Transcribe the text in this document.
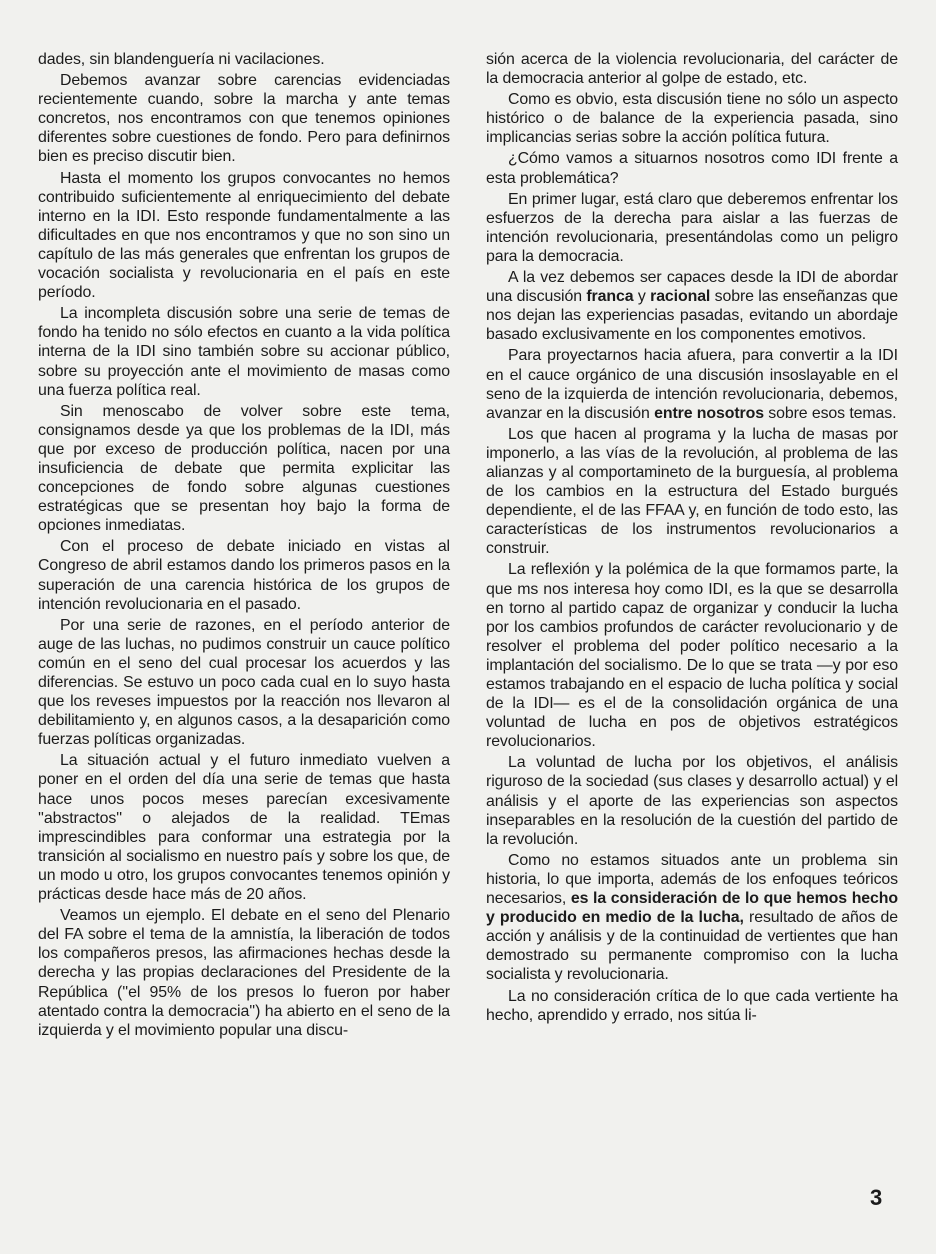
dades, sin blandenguería ni vacilaciones.

Debemos avanzar sobre carencias evidenciadas recientemente cuando, sobre la marcha y ante temas concretos, nos encontramos con que tenemos opiniones diferentes sobre cuestiones de fondo. Pero para definirnos bien es preciso discutir bien.

Hasta el momento los grupos convocantes no hemos contribuido suficientemente al enriquecimiento del debate interno en la IDI. Esto responde fundamentalmente a las dificultades en que nos encontramos y que no son sino un capítulo de las más generales que enfrentan los grupos de vocación socialista y revolucionaria en el país en este período.

La incompleta discusión sobre una serie de temas de fondo ha tenido no sólo efectos en cuanto a la vida política interna de la IDI sino también sobre su accionar público, sobre su proyección ante el movimiento de masas como una fuerza política real.

Sin menoscabo de volver sobre este tema, consignamos desde ya que los problemas de la IDI, más que por exceso de producción política, nacen por una insuficiencia de debate que permita explicitar las concepciones de fondo sobre algunas cuestiones estratégicas que se presentan hoy bajo la forma de opciones inmediatas.

Con el proceso de debate iniciado en vistas al Congreso de abril estamos dando los primeros pasos en la superación de una carencia histórica de los grupos de intención revolucionaria en el pasado.

Por una serie de razones, en el período anterior de auge de las luchas, no pudimos construir un cauce político común en el seno del cual procesar los acuerdos y las diferencias. Se estuvo un poco cada cual en lo suyo hasta que los reveses impuestos por la reacción nos llevaron al debilitamiento y, en algunos casos, a la desaparición como fuerzas políticas organizadas.

La situación actual y el futuro inmediato vuelven a poner en el orden del día una serie de temas que hasta hace unos pocos meses parecían excesivamente ''abstractos'' o alejados de la realidad. TEmas imprescindibles para conformar una estrategia por la transición al socialismo en nuestro país y sobre los que, de un modo u otro, los grupos convocantes tenemos opinión y prácticas desde hace más de 20 años.

Veamos un ejemplo. El debate en el seno del Plenario del FA sobre el tema de la amnistía, la liberación de todos los compañeros presos, las afirmaciones hechas desde la derecha y las propias declaraciones del Presidente de la República (''el 95% de los presos lo fueron por haber atentado contra la democracia'') ha abierto en el seno de la izquierda y el movimiento popular una discu-

sión acerca de la violencia revolucionaria, del carácter de la democracia anterior al golpe de estado, etc.

Como es obvio, esta discusión tiene no sólo un aspecto histórico o de balance de la experiencia pasada, sino implicancias serias sobre la acción política futura.

¿Cómo vamos a situarnos nosotros como IDI frente a esta problemática?

En primer lugar, está claro que deberemos enfrentar los esfuerzos de la derecha para aislar a las fuerzas de intención revolucionaria, presentándolas como un peligro para la democracia.

A la vez debemos ser capaces desde la IDI de abordar una discusión franca y racional sobre las enseñanzas que nos dejan las experiencias pasadas, evitando un abordaje basado exclusivamente en los componentes emotivos.

Para proyectarnos hacia afuera, para convertir a la IDI en el cauce orgánico de una discusión insoslayable en el seno de la izquierda de intención revolucionaria, debemos, avanzar en la discusión entre nosotros sobre esos temas.

Los que hacen al programa y la lucha de masas por imponerlo, a las vías de la revolución, al problema de las alianzas y al comportamineto de la burguesía, al problema de los cambios en la estructura del Estado burgués dependiente, el de las FFAA y, en función de todo esto, las características de los instrumentos revolucionarios a construir.

La reflexión y la polémica de la que formamos parte, la que ms nos interesa hoy como IDI, es la que se desarrolla en torno al partido capaz de organizar y conducir la lucha por los cambios profundos de carácter revolucionario y de resolver el problema del poder político necesario a la implantación del socialismo. De lo que se trata —y por eso estamos trabajando en el espacio de lucha política y social de la IDI— es el de la consolidación orgánica de una voluntad de lucha en pos de objetivos estratégicos revolucionarios.

La voluntad de lucha por los objetivos, el análisis riguroso de la sociedad (sus clases y desarrollo actual) y el análisis y el aporte de las experiencias son aspectos inseparables en la resolución de la cuestión del partido de la revolución.

Como no estamos situados ante un problema sin historia, lo que importa, además de los enfoques teóricos necesarios, es la consideración de lo que hemos hecho y producido en medio de la lucha, resultado de años de acción y análisis y de la continuidad de vertientes que han demostrado su permanente compromiso con la lucha socialista y revolucionaria.

La no consideración crítica de lo que cada vertiente ha hecho, aprendido y errado, nos sitúa li-

3
